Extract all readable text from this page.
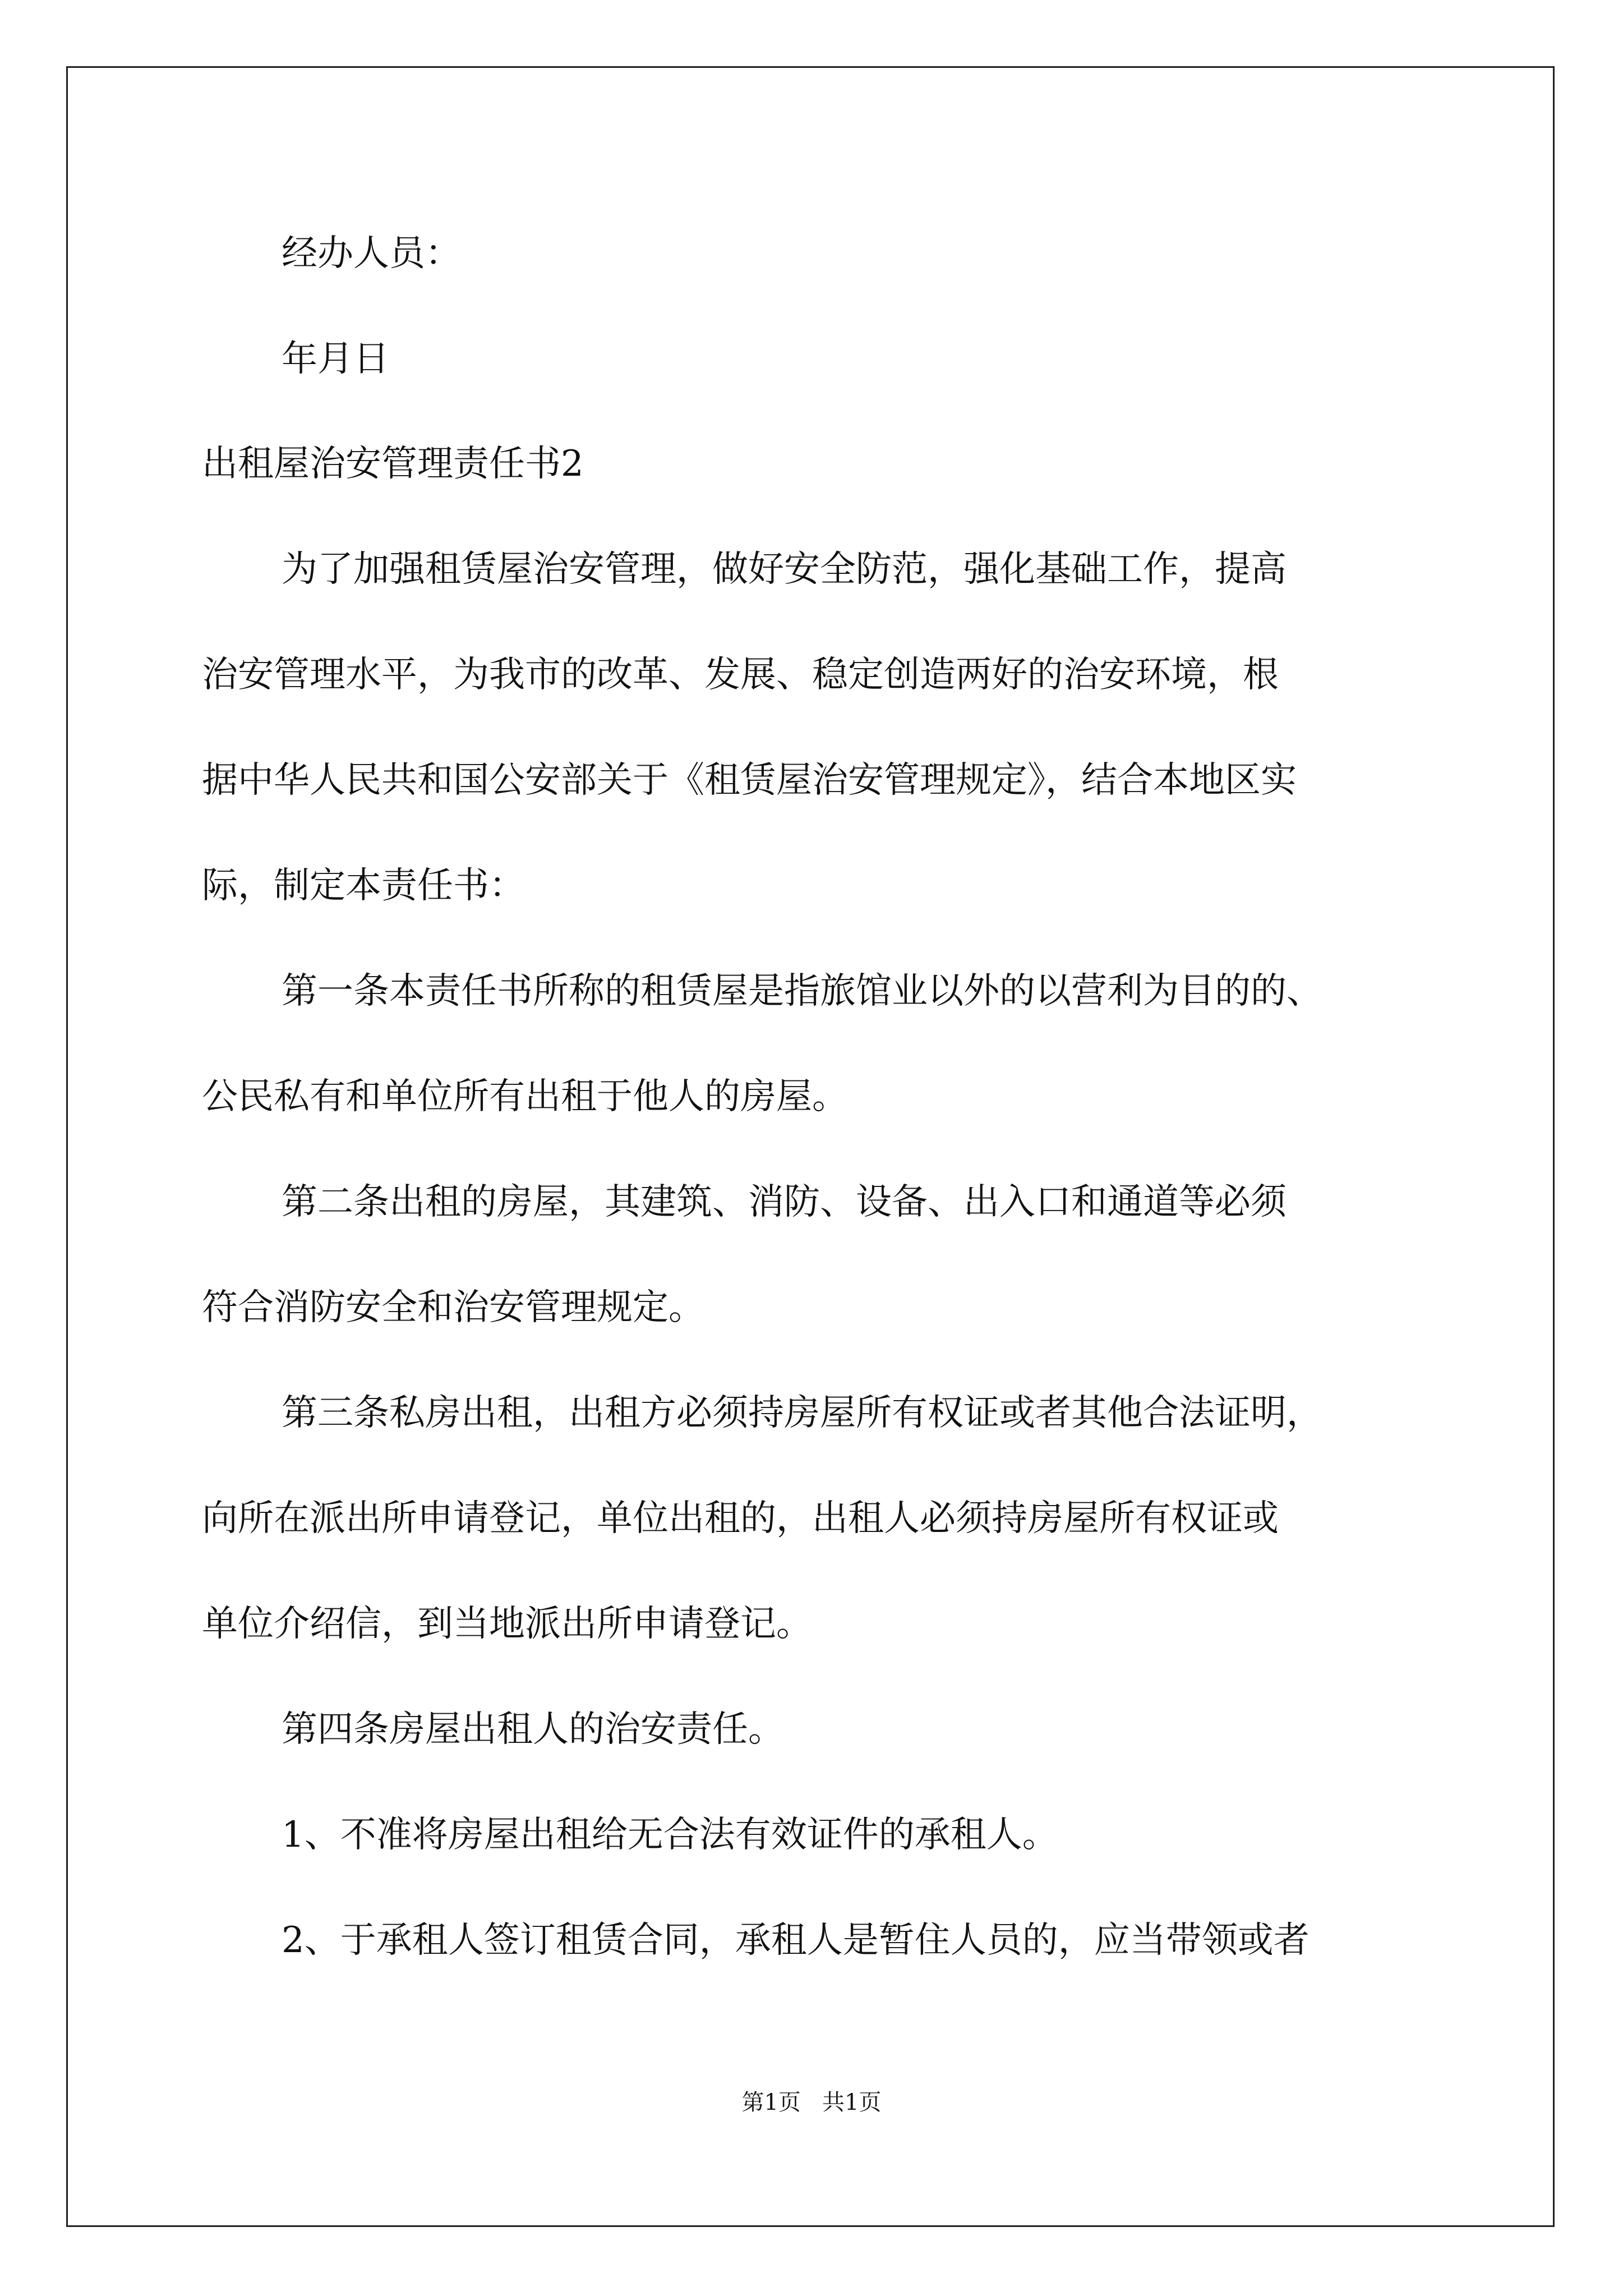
经办人员：
年月日
出租屋治安管理责任书2
为了加强租赁屋治安管理，做好安全防范，强化基础工作，提高
治安管理水平，为我市的改革、发展、稳定创造两好的治安环境，根
据中华人民共和国公安部关于《租赁屋治安管理规定》，结合本地区实
际，制定本责任书：
第一条本责任书所称的租赁屋是指旅馆业以外的以营利为目的的、
公民私有和单位所有出租于他人的房屋。
第二条出租的房屋，其建筑、消防、设备、出入口和通道等必须
符合消防安全和治安管理规定。
第三条私房出租，出租方必须持房屋所有权证或者其他合法证明，
向所在派出所申请登记，单位出租的，出租人必须持房屋所有权证或
单位介绍信，到当地派出所申请登记。
第四条房屋出租人的治安责任。
1、不准将房屋出租给无合法有效证件的承租人。
2、于承租人签订租赁合同，承租人是暂住人员的，应当带领或者
第1页   共1页
